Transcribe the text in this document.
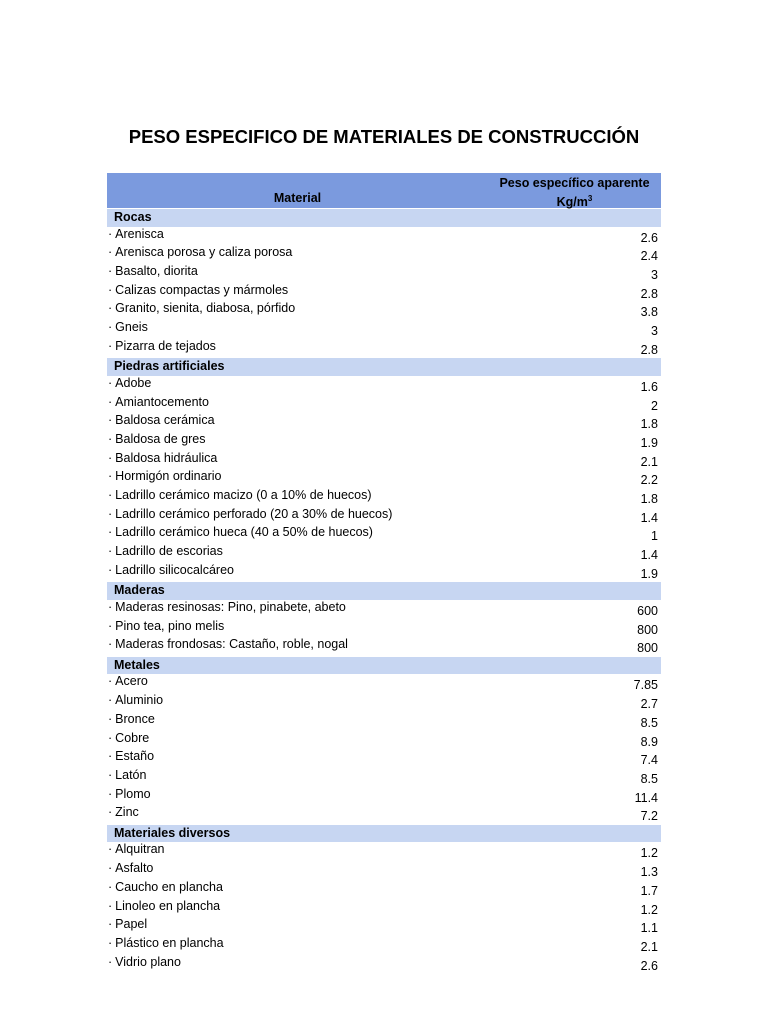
PESO ESPECIFICO DE MATERIALES DE CONSTRUCCIÓN
Material
Peso específico aparente
$Kg/m^3$
Rocas
· Arenisca	2.6
· Arenisca porosa y caliza porosa	2.4
· Basalto, diorita	3
· Calizas compactas y mármoles	2.8
· Granito, sienita, diabosa, pórfido	3.8
· Gneis	3
· Pizarra de tejados	2.8
Piedras artificiales
· Adobe	1.6
· Amiantocemento	2
· Baldosa cerámica	1.8
· Baldosa de gres	1.9
· Baldosa hidráulica	2.1
· Hormigón ordinario	2.2
· Ladrillo cerámico macizo (0 a 10% de huecos)	1.8
· Ladrillo cerámico perforado (20 a 30% de huecos)	1.4
· Ladrillo cerámico hueca (40 a 50% de huecos)	1
· Ladrillo de escorias	1.4
· Ladrillo silicocalcáreo	1.9
Maderas
· Maderas resinosas: Pino, pinabete, abeto	600
· Pino tea, pino melis	800
· Maderas frondosas: Castaño, roble, nogal	800
Metales
· Acero	7.85
· Aluminio	2.7
· Bronce	8.5
· Cobre	8.9
· Estaño	7.4
· Latón	8.5
· Plomo	11.4
· Zinc	7.2
Materiales diversos
· Alquitran	1.2
· Asfalto	1.3
· Caucho en plancha	1.7
· Linoleo en plancha	1.2
· Papel	1.1
· Plástico en plancha	2.1
· Vidrio plano	2.6
